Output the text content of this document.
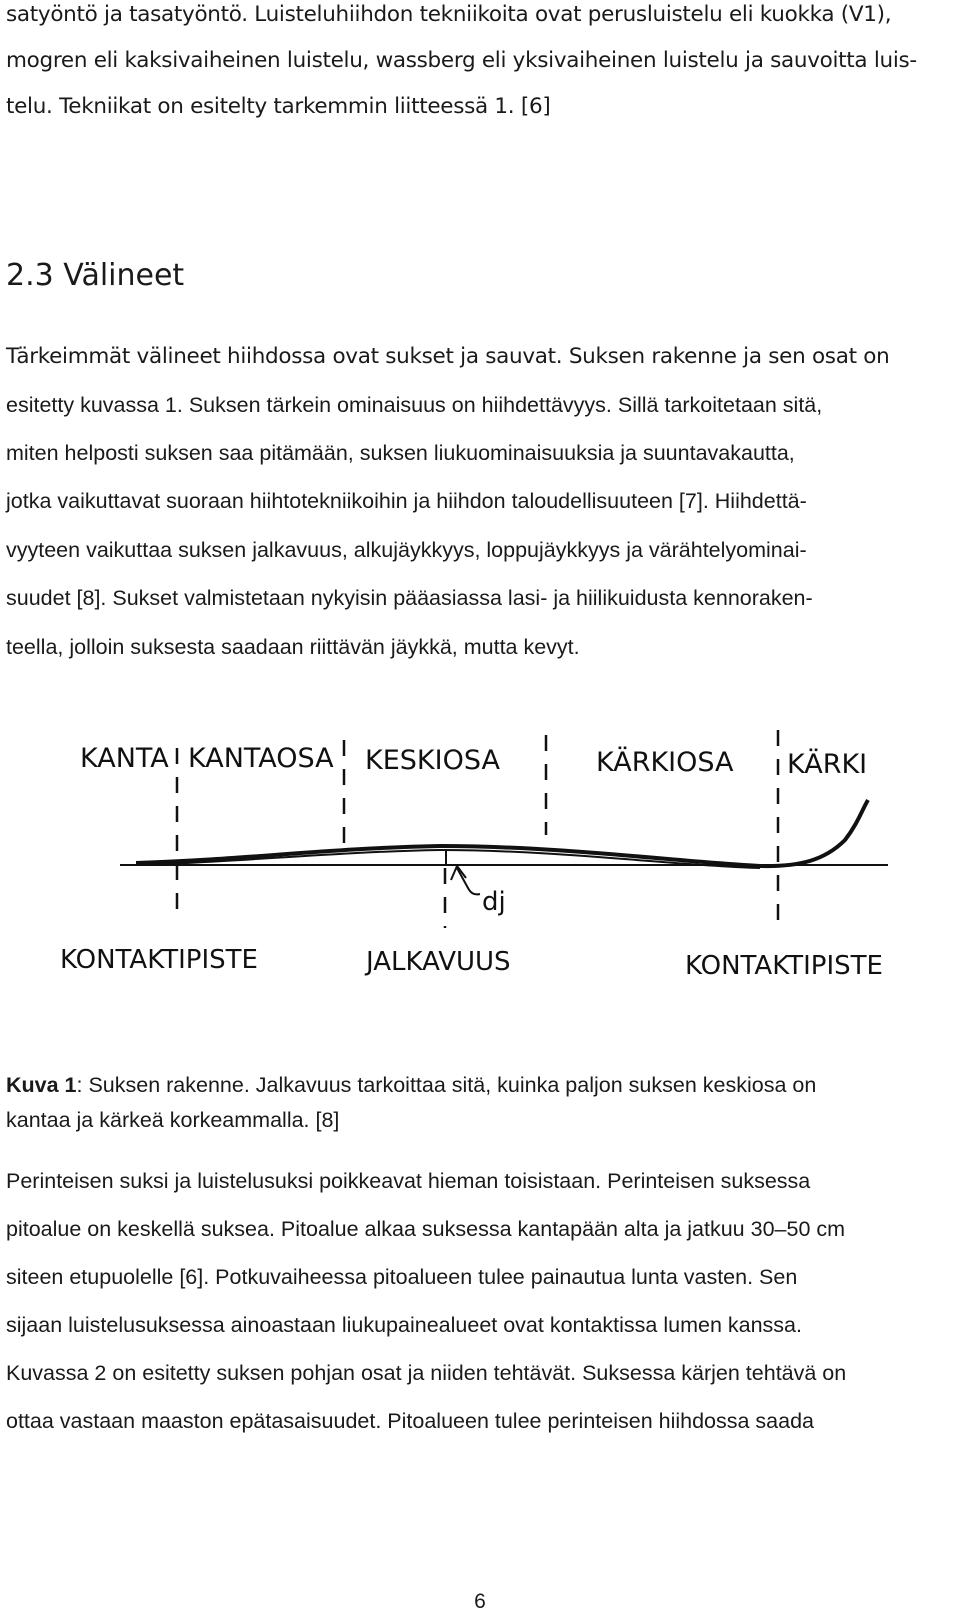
satyöntö ja tasatyöntö. Luisteluhiihdon tekniikoita ovat perusluistelu eli kuokka (V1),
mogren eli kaksivaiheinen luistelu, wassberg eli yksivaiheinen luistelu ja sauvoitta luis-
telu. Tekniikat on esitelty tarkemmin liitteessä 1. [6]
2.3 Välineet
Tärkeimmät välineet hiihdossa ovat sukset ja sauvat. Suksen rakenne ja sen osat on
esitetty kuvassa 1. Suksen tärkein ominaisuus on hiihdettävyys. Sillä tarkoitetaan sitä,
miten helposti suksen saa pitämään, suksen liukuominaisuuksia ja suuntavakautta,
jotka vaikuttavat suoraan hiihtotekniikoihin ja hiihdon taloudellisuuteen [7]. Hiihdettä-
vyyteen vaikuttaa suksen jalkavuus, alkujäykkyys, loppujäykkyys ja värähtelyominai-
suudet [8]. Sukset valmistetaan nykyisin pääasiassa lasi- ja hiilikuidusta kennoraken-
teella, jolloin suksesta saadaan riittävän jäykkä, mutta kevyt.
KANTA KANTAOSA KESKIOSA	KÄRKIOSA KÄRKI
dj
KONTAKTIPISTE	JALKAVUUS	KONTAKTIPISTE
Kuva 1: Suksen rakenne. Jalkavuus tarkoittaa sitä, kuinka paljon suksen keskiosa on
kantaa ja kärkeä korkeammalla. [8]
Perinteisen suksi ja luistelusuksi poikkeavat hieman toisistaan. Perinteisen suksessa
pitoalue on keskellä suksea. Pitoalue alkaa suksessa kantapään alta ja jatkuu 30–50 cm
siteen etupuolelle [6]. Potkuvaiheessa pitoalueen tulee painautua lunta vasten. Sen
sijaan luistelusuksessa ainoastaan liukupainealueet ovat kontaktissa lumen kanssa.
Kuvassa 2 on esitetty suksen pohjan osat ja niiden tehtävät. Suksessa kärjen tehtävä on
ottaa vastaan maaston epätasaisuudet. Pitoalueen tulee perinteisen hiihdossa saada
6
